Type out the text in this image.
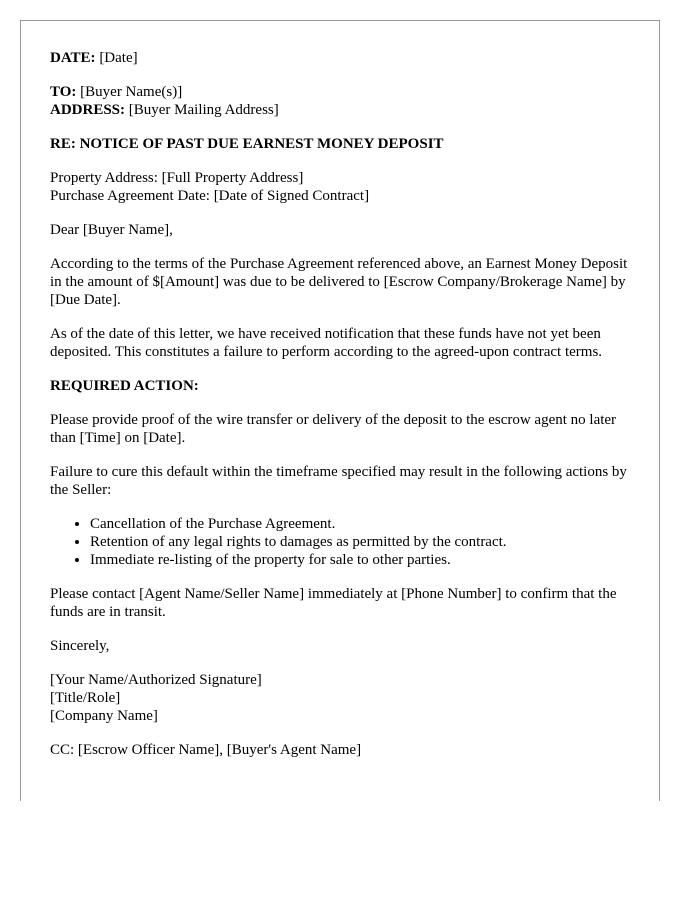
DATE: [Date]

TO: [Buyer Name(s)]
ADDRESS: [Buyer Mailing Address]

RE: NOTICE OF PAST DUE EARNEST MONEY DEPOSIT

Property Address: [Full Property Address]
Purchase Agreement Date: [Date of Signed Contract]

Dear [Buyer Name],

According to the terms of the Purchase Agreement referenced above, an Earnest Money Deposit in the amount of $[Amount] was due to be delivered to [Escrow Company/Brokerage Name] by [Due Date].

As of the date of this letter, we have received notification that these funds have not yet been deposited. This constitutes a failure to perform according to the agreed-upon contract terms.

REQUIRED ACTION:

Please provide proof of the wire transfer or delivery of the deposit to the escrow agent no later than [Time] on [Date].

Failure to cure this default within the timeframe specified may result in the following actions by the Seller:

• Cancellation of the Purchase Agreement.
• Retention of any legal rights to damages as permitted by the contract.
• Immediate re-listing of the property for sale to other parties.

Please contact [Agent Name/Seller Name] immediately at [Phone Number] to confirm that the funds are in transit.

Sincerely,

[Your Name/Authorized Signature]
[Title/Role]
[Company Name]

CC: [Escrow Officer Name], [Buyer's Agent Name]
